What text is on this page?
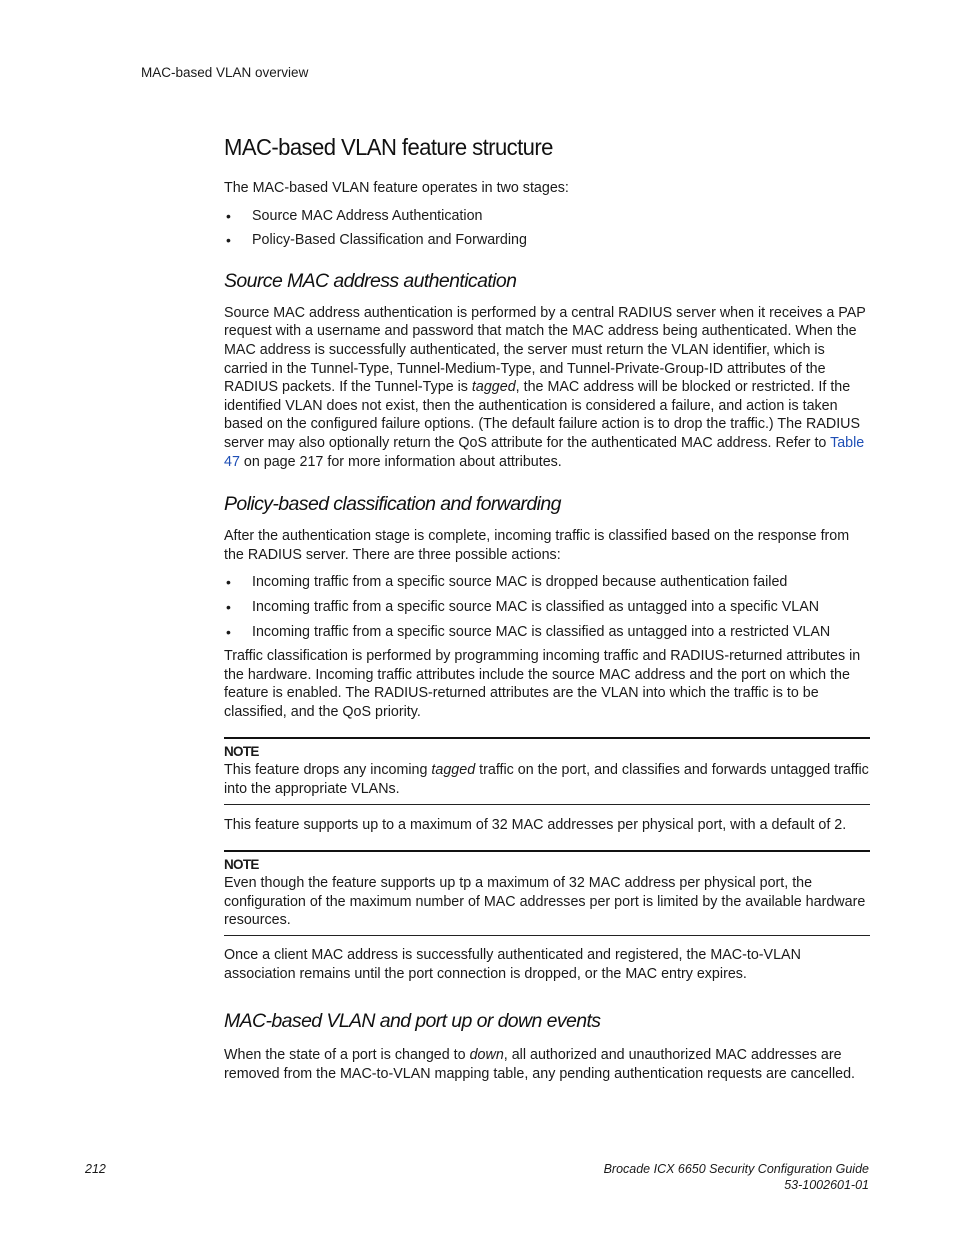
MAC-based VLAN overview
MAC-based VLAN feature structure

The MAC-based VLAN feature operates in two stages:

• Source MAC Address Authentication
• Policy-Based Classification and Forwarding
Source MAC address authentication

Source MAC address authentication is performed by a central RADIUS server when it receives a PAP request with a username and password that match the MAC address being authenticated. When the MAC address is successfully authenticated, the server must return the VLAN identifier, which is carried in the Tunnel-Type, Tunnel-Medium-Type, and Tunnel-Private-Group-ID attributes of the RADIUS packets. If the Tunnel-Type is tagged, the MAC address will be blocked or restricted. If the identified VLAN does not exist, then the authentication is considered a failure, and action is taken based on the configured failure options. (The default failure action is to drop the traffic.) The RADIUS server may also optionally return the QoS attribute for the authenticated MAC address. Refer to Table 47 on page 217 for more information about attributes.

Policy-based classification and forwarding

After the authentication stage is complete, incoming traffic is classified based on the response from the RADIUS server. There are three possible actions:

• Incoming traffic from a specific source MAC is dropped because authentication failed
• Incoming traffic from a specific source MAC is classified as untagged into a specific VLAN
• Incoming traffic from a specific source MAC is classified as untagged into a restricted VLAN

Traffic classification is performed by programming incoming traffic and RADIUS-returned attributes in the hardware. Incoming traffic attributes include the source MAC address and the port on which the feature is enabled. The RADIUS-returned attributes are the VLAN into which the traffic is to be classified, and the QoS priority.

NOTE

This feature drops any incoming tagged traffic on the port, and classifies and forwards untagged traffic into the appropriate VLANs.

This feature supports up to a maximum of 32 MAC addresses per physical port, with a default of 2.

NOTE

Even though the feature supports up tp a maximum of 32 MAC address per physical port, the configuration of the maximum number of MAC addresses per port is limited by the available hardware resources.

Once a client MAC address is successfully authenticated and registered, the MAC-to-VLAN association remains until the port connection is dropped, or the MAC entry expires.

MAC-based VLAN and port up or down events

When the state of a port is changed to down, all authorized and unauthorized MAC addresses are removed from the MAC-to-VLAN mapping table, any pending authentication requests are cancelled.

212	Brocade ICX 6650 Security Configuration Guide
53-1002601-01
